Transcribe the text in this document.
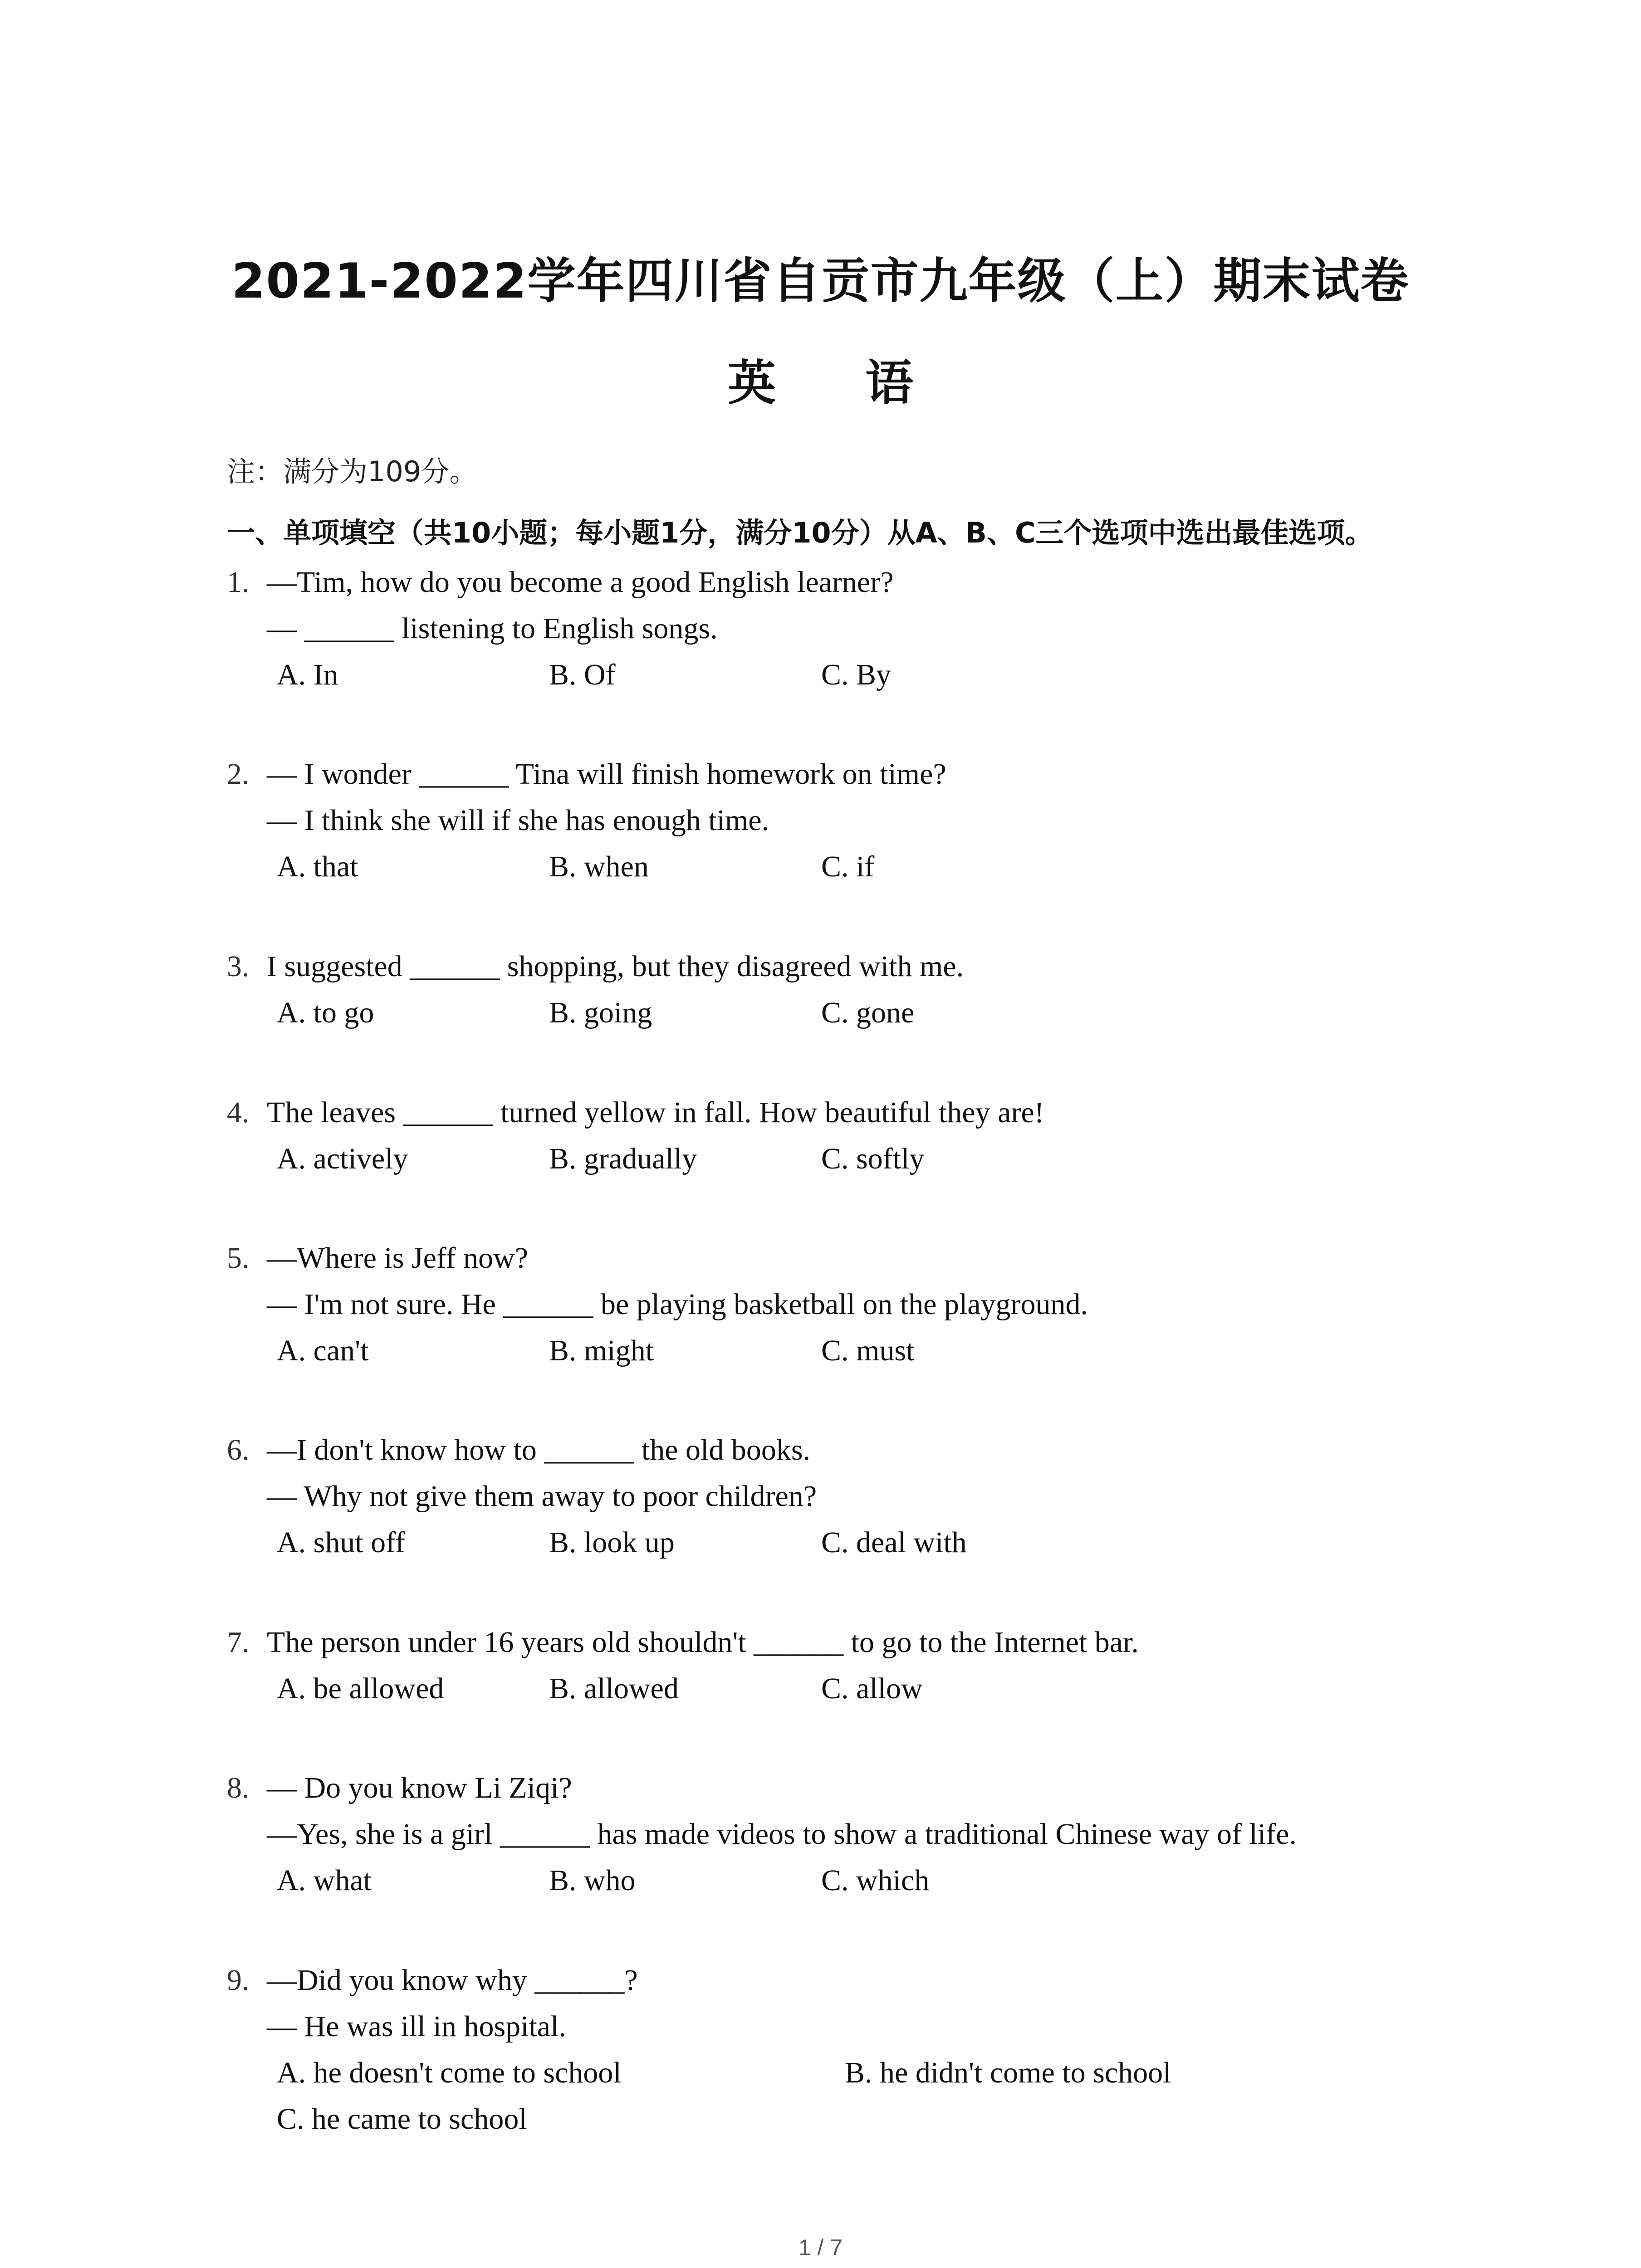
2021-2022学年四川省自贡市九年级（上）期末试卷
英 语
注：满分为109分。
一、单项填空（共10小题；每小题1分，满分10分）从A、B、C三个选项中选出最佳选项。
1. —Tim, how do you become a good English learner?
— ______ listening to English songs.
A. In	B. Of	C. By
2. — I wonder ______ Tina will finish homework on time?
— I think she will if she has enough time.
A. that	B. when	C. if
3. I suggested ______ shopping, but they disagreed with me.
A. to go	B. going	C. gone
4. The leaves ______ turned yellow in fall. How beautiful they are!
A. actively	B. gradually	C. softly
5. —Where is Jeff now?
— I'm not sure. He ______ be playing basketball on the playground.
A. can't	B. might	C. must
6. —I don't know how to ______ the old books.
— Why not give them away to poor children?
A. shut off	B. look up	C. deal with
7. The person under 16 years old shouldn't ______ to go to the Internet bar.
A. be allowed	B. allowed	C. allow
8. — Do you know Li Ziqi?
—Yes, she is a girl ______ has made videos to show a traditional Chinese way of life.
A. what	B. who	C. which
9. —Did you know why ______?
— He was ill in hospital.
A. he doesn't come to school	B. he didn't come to school
C. he came to school
1 / 7
